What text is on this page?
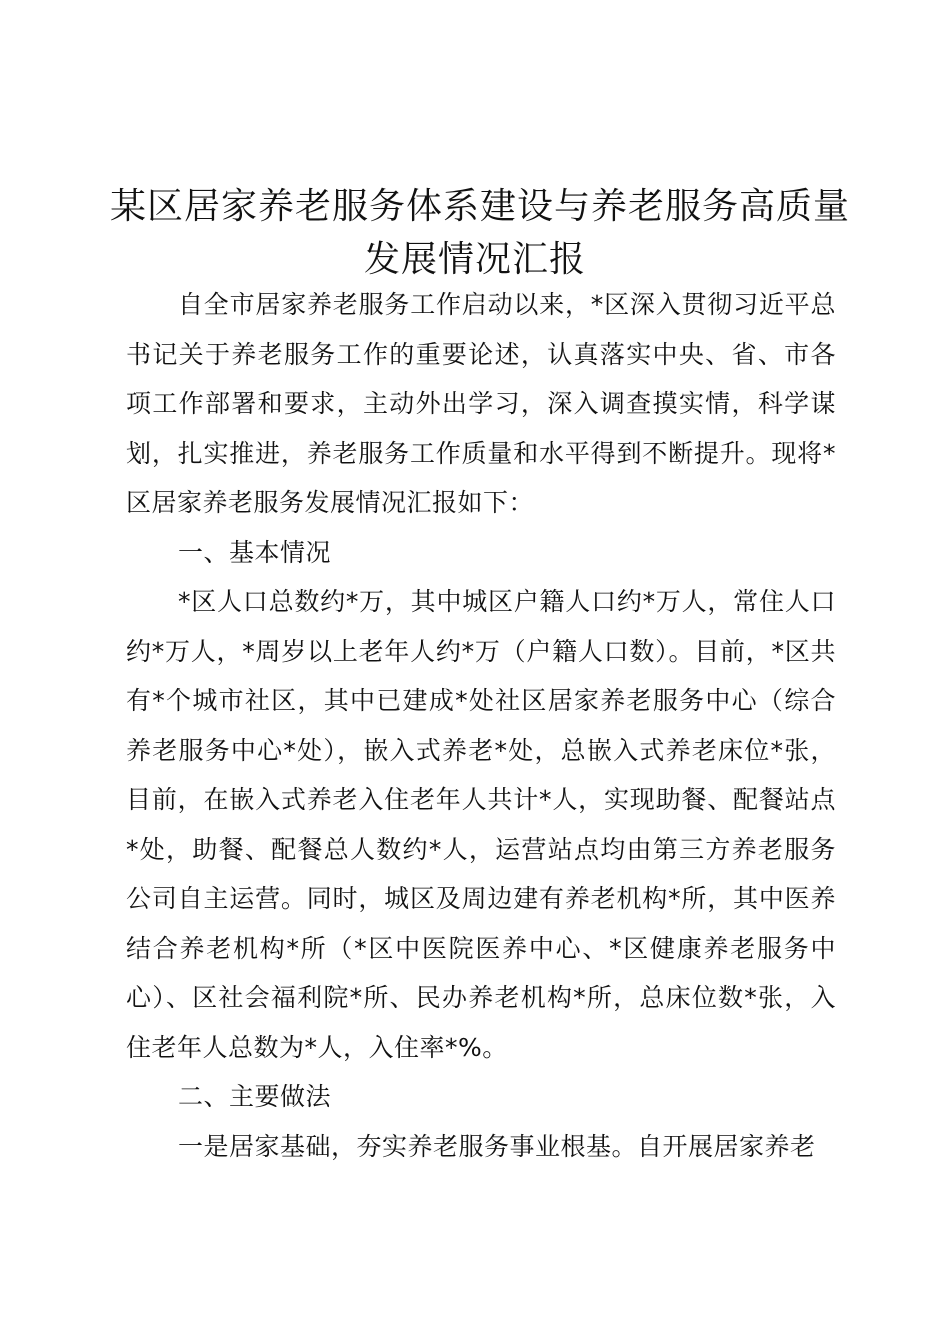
某区居家养老服务体系建设与养老服务高质量
发展情况汇报

自全市居家养老服务工作启动以来，*区深入贯彻习近平总书记关于养老服务工作的重要论述，认真落实中央、省、市各项工作部署和要求，主动外出学习，深入调查摸实情，科学谋划，扎实推进，养老服务工作质量和水平得到不断提升。现将*区居家养老服务发展情况汇报如下：

一、基本情况

*区人口总数约*万，其中城区户籍人口约*万人，常住人口约*万人，*周岁以上老年人约*万（户籍人口数）。目前，*区共有*个城市社区，其中已建成*处社区居家养老服务中心（综合养老服务中心*处），嵌入式养老*处，总嵌入式养老床位*张，目前，在嵌入式养老入住老年人共计*人，实现助餐、配餐站点*处，助餐、配餐总人数约*人，运营站点均由第三方养老服务公司自主运营。同时，城区及周边建有养老机构*所，其中医养结合养老机构*所（*区中医院医养中心、*区健康养老服务中心）、区社会福利院*所、民办养老机构*所，总床位数*张，入住老年人总数为*人，入住率*%。

二、主要做法

一是居家基础，夯实养老服务事业根基。自开展居家养老
